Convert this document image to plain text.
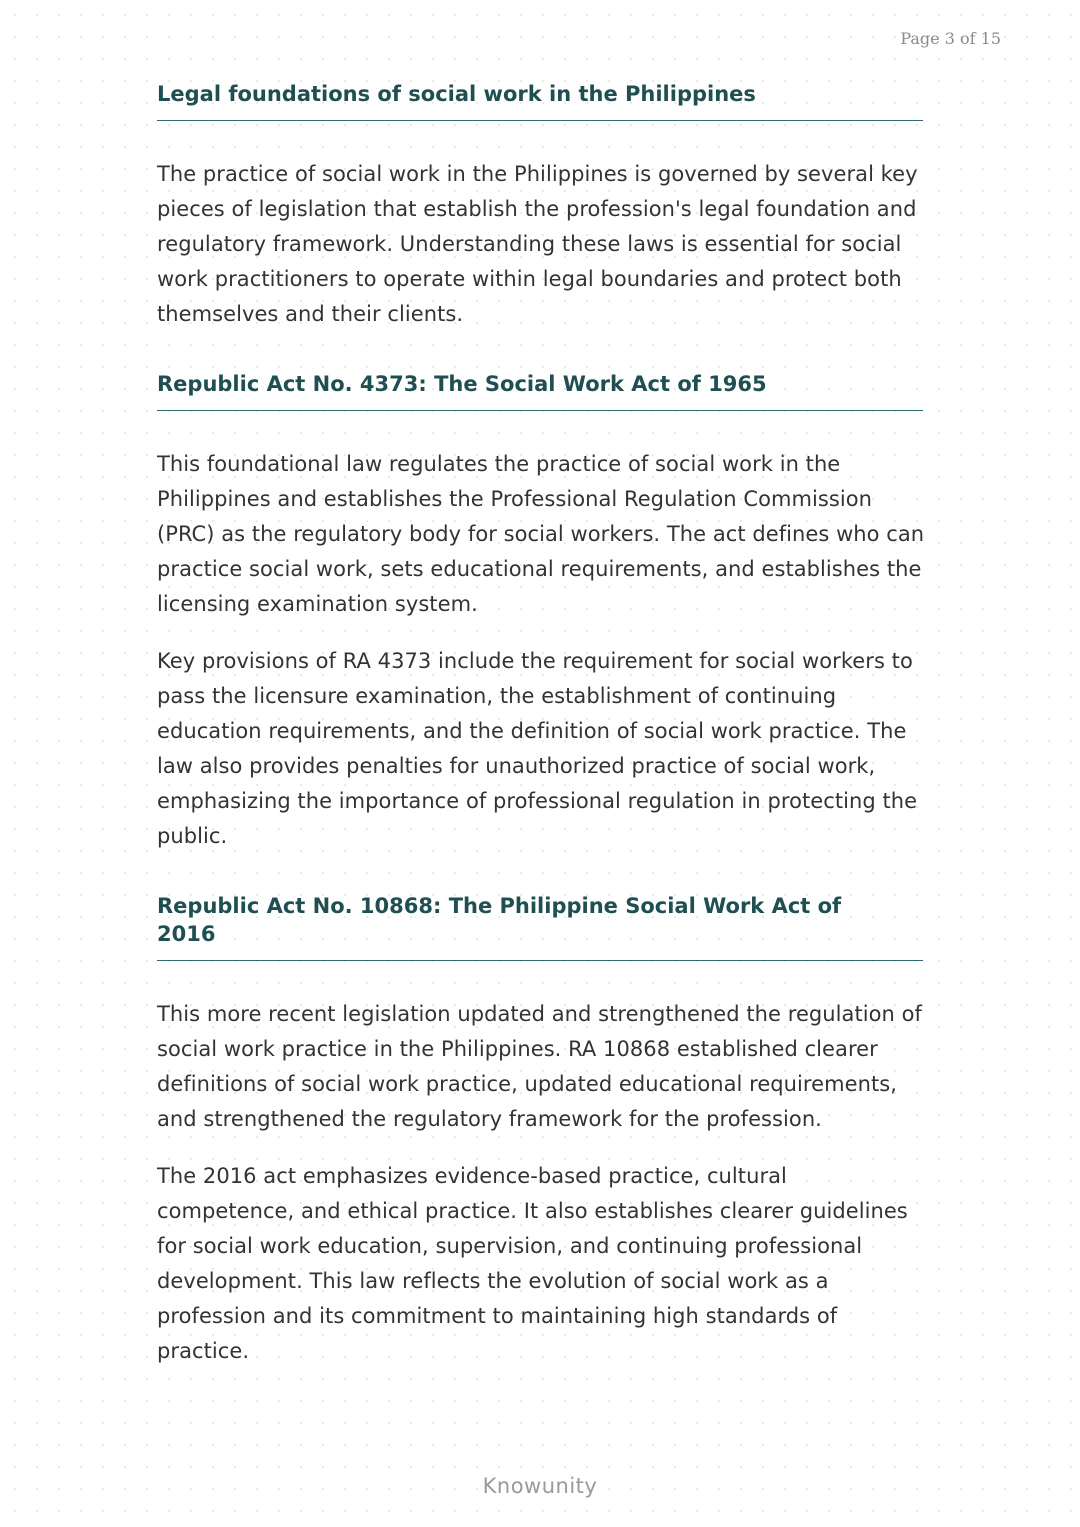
Page 3 of 15
Legal foundations of social work in the Philippines

The practice of social work in the Philippines is governed by several key pieces of legislation that establish the profession's legal foundation and regulatory framework. Understanding these laws is essential for social work practitioners to operate within legal boundaries and protect both themselves and their clients.

Republic Act No. 4373: The Social Work Act of 1965

This foundational law regulates the practice of social work in the Philippines and establishes the Professional Regulation Commission (PRC) as the regulatory body for social workers. The act defines who can practice social work, sets educational requirements, and establishes the licensing examination system.

Key provisions of RA 4373 include the requirement for social workers to pass the licensure examination, the establishment of continuing education requirements, and the definition of social work practice. The law also provides penalties for unauthorized practice of social work, emphasizing the importance of professional regulation in protecting the public.

Republic Act No. 10868: The Philippine Social Work Act of 2016

This more recent legislation updated and strengthened the regulation of social work practice in the Philippines. RA 10868 established clearer definitions of social work practice, updated educational requirements, and strengthened the regulatory framework for the profession.

The 2016 act emphasizes evidence-based practice, cultural competence, and ethical practice. It also establishes clearer guidelines for social work education, supervision, and continuing professional development. This law reflects the evolution of social work as a profession and its commitment to maintaining high standards of practice.

Knowunity
